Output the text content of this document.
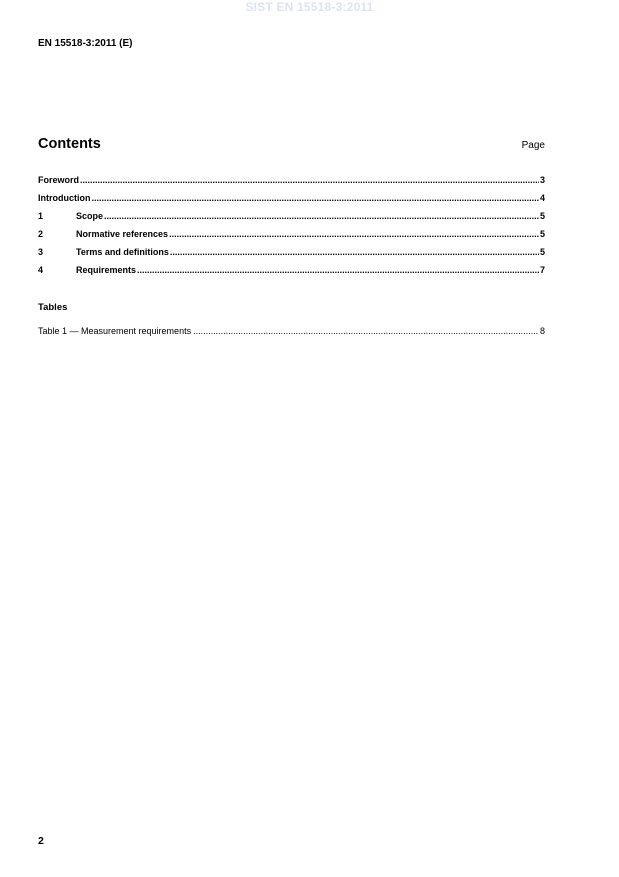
SIST EN 15518-3:2011
EN 15518-3:2011 (E)
Contents	Page
Foreword .....	3
Introduction .....	4
1	Scope .....	5
2	Normative references .....	5
3	Terms and definitions .....	5
4	Requirements .....	7
Tables
Table 1 — Measurement requirements .....	8
2
